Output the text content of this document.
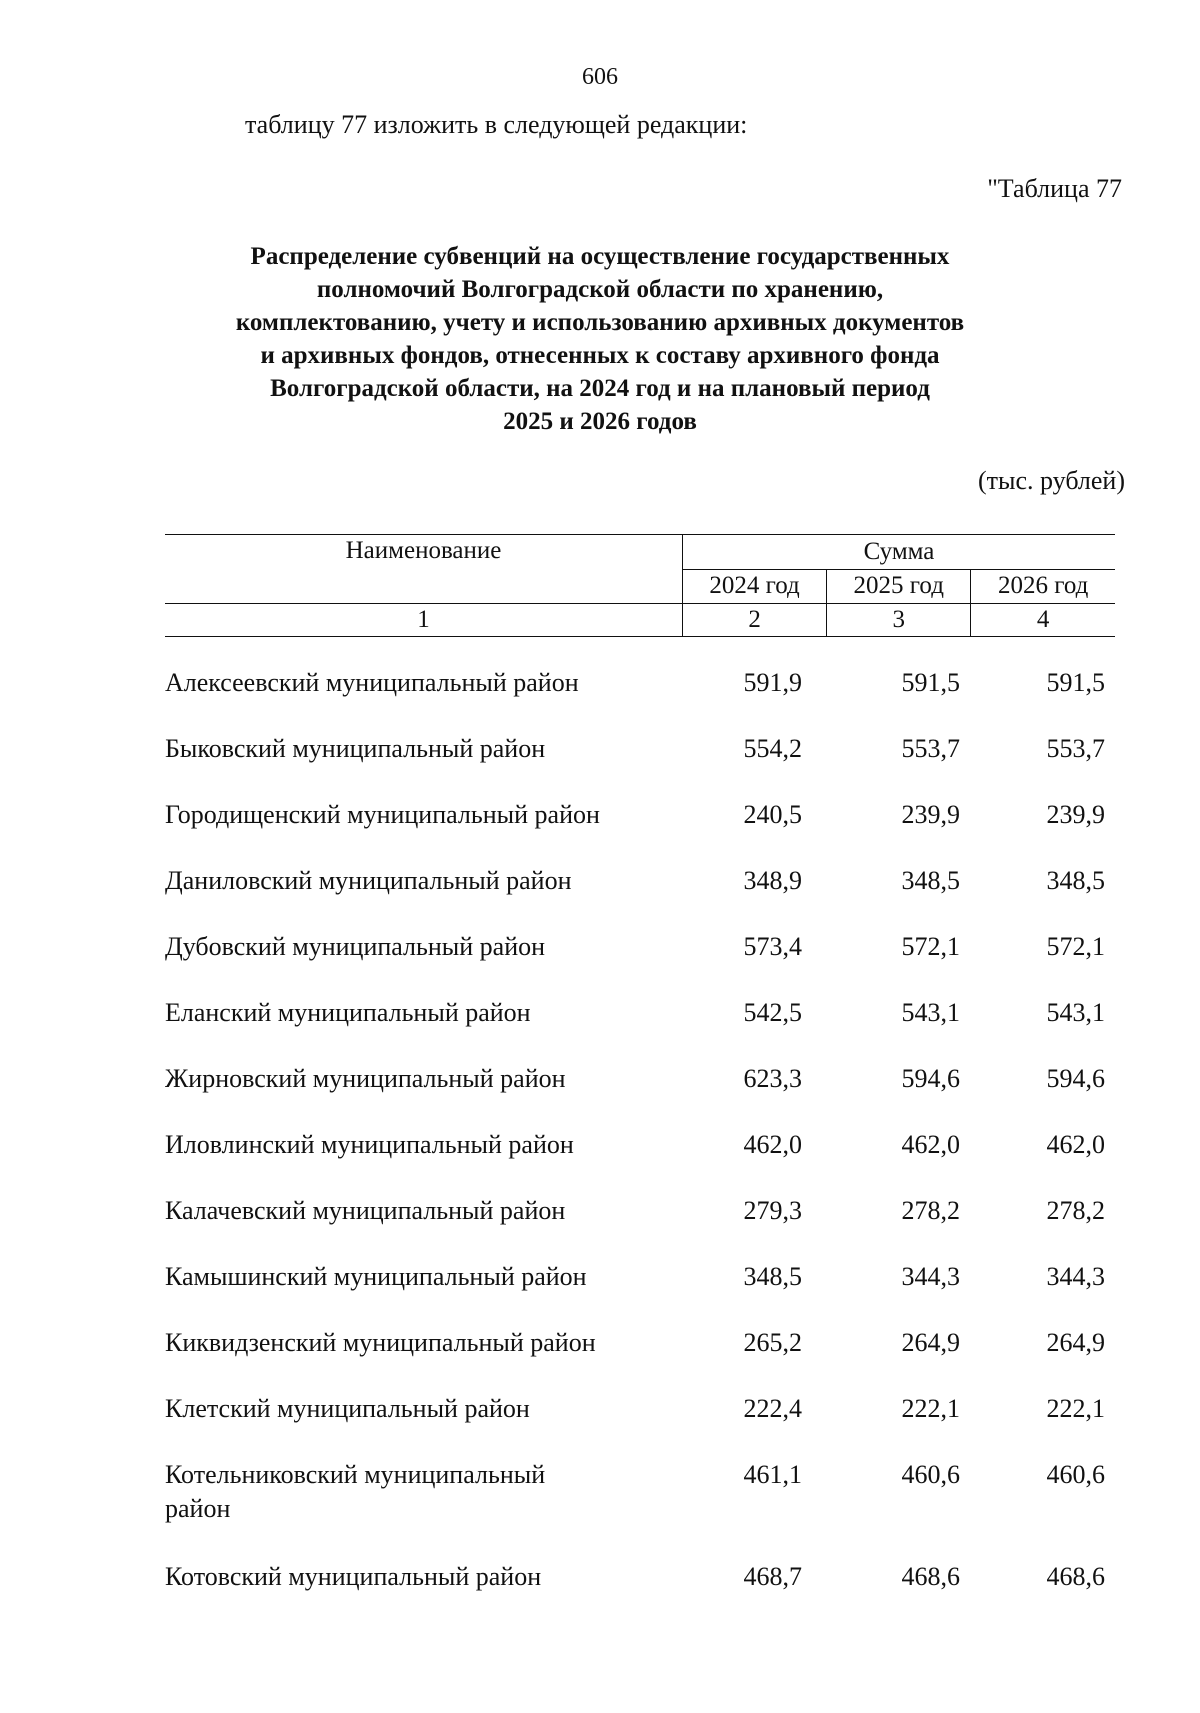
606
таблицу 77 изложить в следующей редакции:
"Таблица 77
Распределение субвенций на осуществление государственных
полномочий Волгоградской области по хранению,
комплектованию, учету и использованию архивных документов
и архивных фондов, отнесенных к составу архивного фонда
Волгоградской области, на 2024 год и на плановый период
2025 и 2026 годов
(тыс. рублей)
Наименование	Сумма		
	2024 год	2025 год	2026 год
1	2	3	4
Алексеевский муниципальный район	591,9	591,5	591,5

Быковский муниципальный район	554,2	553,7	553,7

Городищенский муниципальный район	240,5	239,9	239,9

Даниловский муниципальный район	348,9	348,5	348,5

Дубовский муниципальный район	573,4	572,1	572,1

Еланский муниципальный район	542,5	543,1	543,1

Жирновский муниципальный район	623,3	594,6	594,6

Иловлинский муниципальный район	462,0	462,0	462,0

Калачевский муниципальный район	279,3	278,2	278,2

Камышинский муниципальный район	348,5	344,3	344,3

Киквидзенский муниципальный район	265,2	264,9	264,9

Клетский муниципальный район	222,4	222,1	222,1

Котельниковский муниципальный
район	461,1	460,6	460,6

Котовский муниципальный район	468,7	468,6	468,6
